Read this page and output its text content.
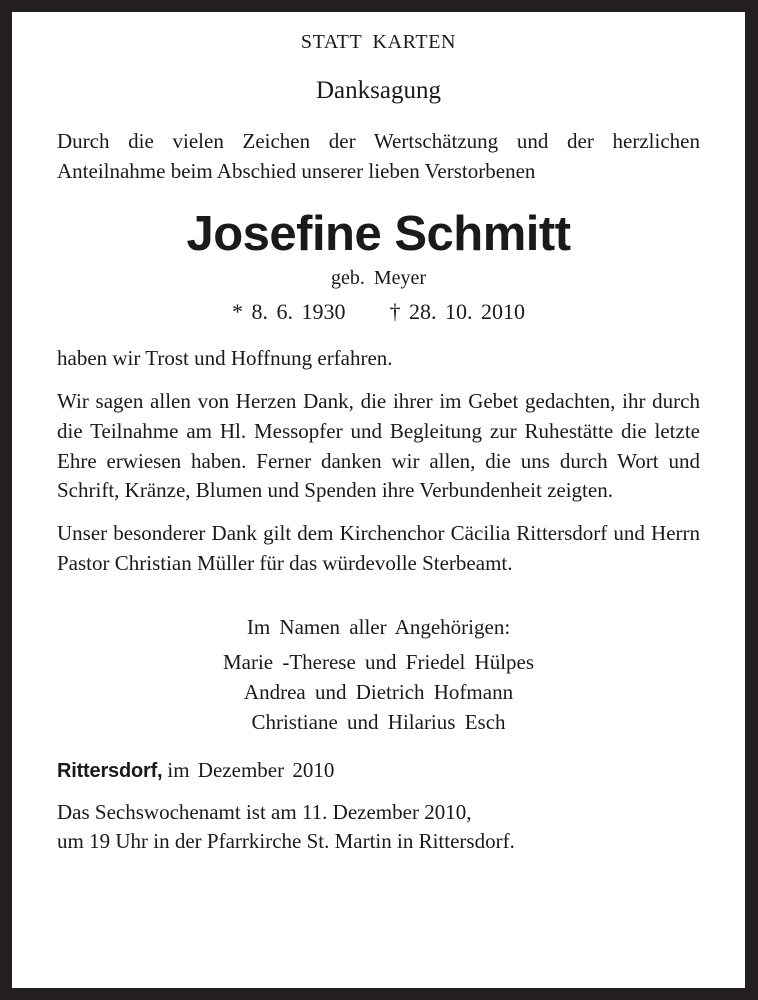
STATT KARTEN
Danksagung

Durch die vielen Zeichen der Wertschätzung und der herzlichen Anteilnahme beim Abschied unserer lieben Verstorbenen

Josefine Schmitt
geb. Meyer
* 8. 6. 1930 † 28. 10. 2010

haben wir Trost und Hoffnung erfahren.

Wir sagen allen von Herzen Dank, die ihrer im Gebet gedachten, ihr durch die Teilnahme am Hl. Messopfer und Begleitung zur Ruhestätte die letzte Ehre erwiesen haben. Ferner danken wir allen, die uns durch Wort und Schrift, Kränze, Blumen und Spenden ihre Verbundenheit zeigten.

Unser besonderer Dank gilt dem Kirchenchor Cäcilia Rittersdorf und Herrn Pastor Christian Müller für das würdevolle Sterbeamt.

Im Namen aller Angehörigen:
Marie -Therese und Friedel Hülpes
Andrea und Dietrich Hofmann
Christiane und Hilarius Esch
Rittersdorf, im Dezember 2010

Das Sechswochenamt ist am 11. Dezember 2010,
um 19 Uhr in der Pfarrkirche St. Martin in Rittersdorf.
